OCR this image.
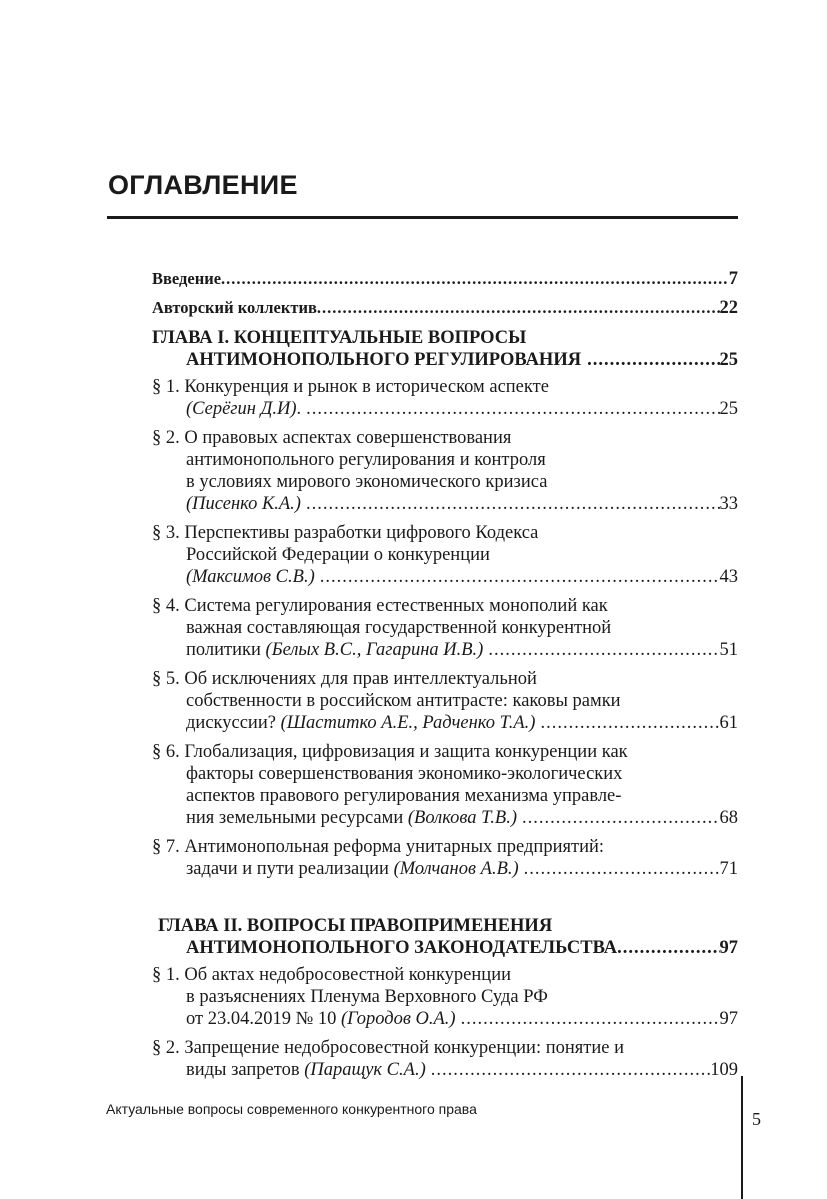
ОГЛАВЛЕНИЕ
Введение .....	7
Авторский коллектив .....	22
ГЛАВА I. КОНЦЕПТУАЛЬНЫЕ ВОПРОСЫ
АНТИМОНОПОЛЬНОГО РЕГУЛИРОВАНИЯ .....	25
§ 1. Конкуренция и рынок в историческом аспекте
(Серёгин Д.И). .....	25
§ 2. О правовых аспектах совершенствования
антимонопольного регулирования и контроля
в условиях мирового экономического кризиса
(Писенко К.А.) .....	33
§ 3. Перспективы разработки цифрового Кодекса
Российской Федерации о конкуренции
(Максимов С.В.) .....	43
§ 4. Система регулирования естественных монополий как
важная составляющая государственной конкурентной
политики (Белых В.С., Гагарина И.В.) .....	51
§ 5. Об исключениях для прав интеллектуальной
собственности в российском антитрасте: каковы рамки
дискуссии? (Шаститко А.Е., Радченко Т.А.) .....	61
§ 6. Глобализация, цифровизация и защита конкуренции как
факторы совершенствования экономико-экологических
аспектов правового регулирования механизма управле-
ния земельными ресурсами (Волкова Т.В.) .....	68
§ 7. Антимонопольная реформа унитарных предприятий:
задачи и пути реализации (Молчанов А.В.) .....	71
ГЛАВА II. ВОПРОСЫ ПРАВОПРИМЕНЕНИЯ
АНТИМОНОПОЛЬНОГО ЗАКОНОДАТЕЛЬСТВА .....	97
§ 1. Об актах недобросовестной конкуренции
в разъяснениях Пленума Верховного Суда РФ
от 23.04.2019 № 10 (Городов О.А.) .....	97
§ 2. Запрещение недобросовестной конкуренции: понятие и
виды запретов (Паращук С.А.) .....	109
Актуальные вопросы современного конкурентного права	5
